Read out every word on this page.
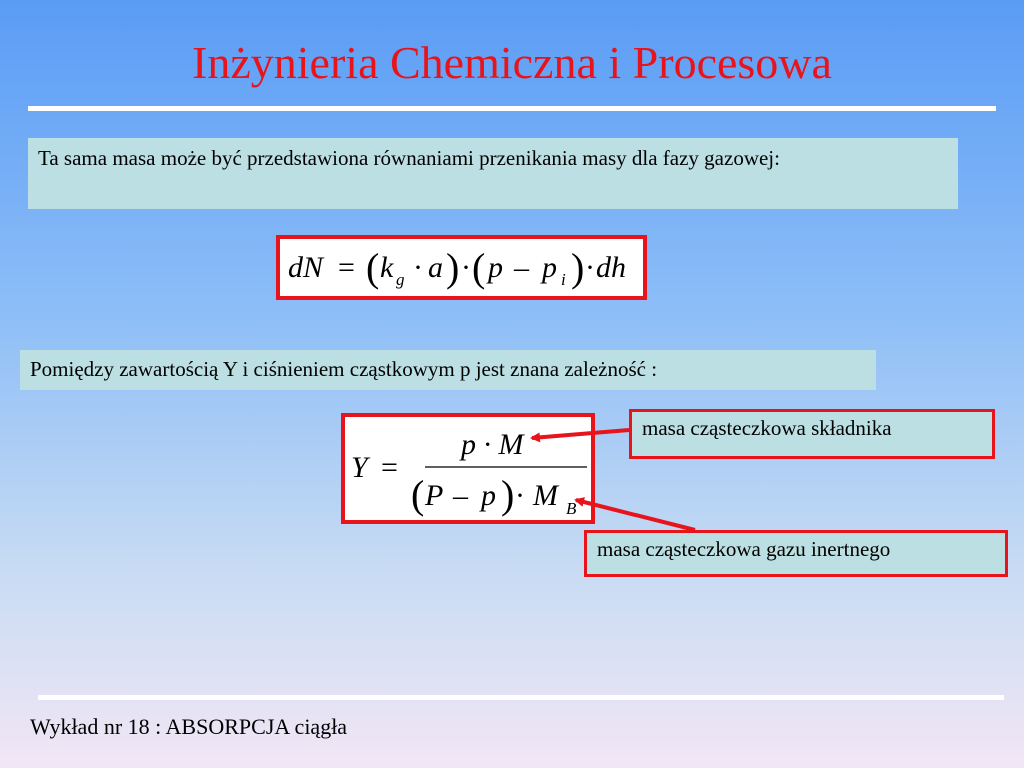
Inżynieria Chemiczna i Procesowa
Ta sama masa może być przedstawiona równaniami przenikania masy dla fazy gazowej:
dN = ( k g · a ) · ( p – p i ) · dh
Pomiędzy zawartością Y i ciśnieniem cząstkowym p jest znana zależność :
Y =
p · M
( P – p ) · M B
masa cząsteczkowa składnika
masa cząsteczkowa gazu inertnego
Wykład nr 18 : ABSORPCJA ciągła
